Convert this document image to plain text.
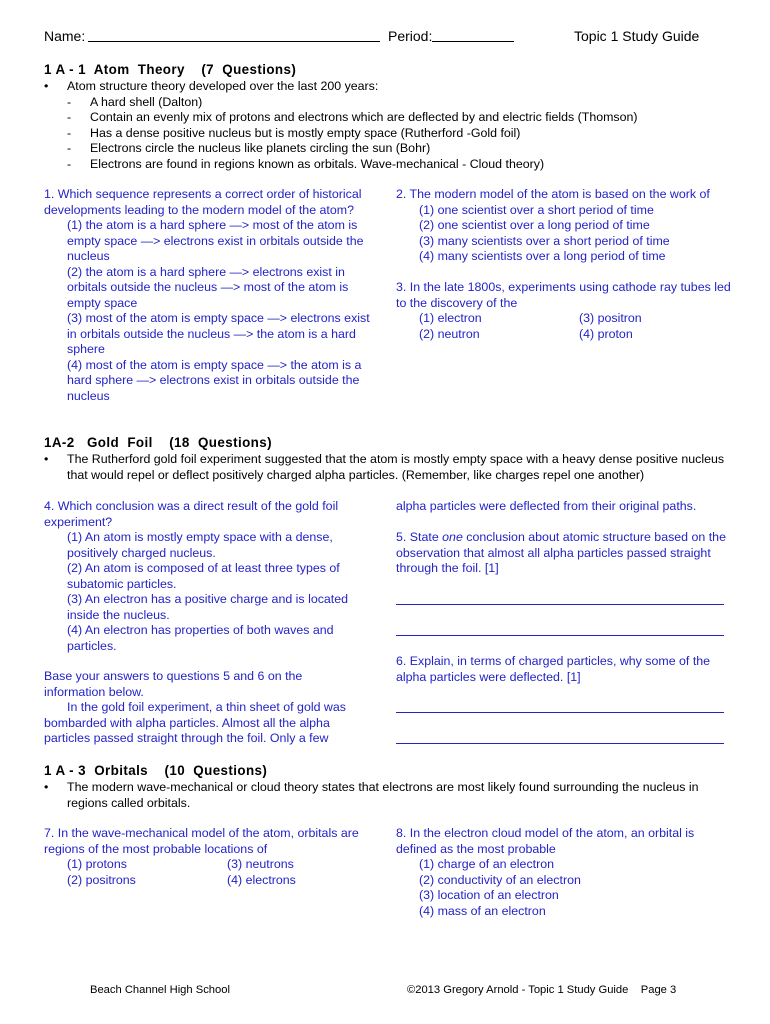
Name:	Period:	Topic 1 Study Guide
1 A - 1  Atom  Theory    (7  Questions)
• Atom structure theory developed over the last 200 years:
- A hard shell (Dalton)
- Contain an evenly mix of protons and electrons which are deflected by and electric fields (Thomson)
- Has a dense positive nucleus but is mostly empty space (Rutherford -Gold foil)
- Electrons circle the nucleus like planets circling the sun (Bohr)
- Electrons are found in regions known as orbitals. Wave-mechanical - Cloud theory)

1. Which sequence represents a correct order of historical developments leading to the modern model of the atom?

(1) the atom is a hard sphere —> most of the atom is empty space —> electrons exist in orbitals outside the nucleus

(2) the atom is a hard sphere —> electrons exist in orbitals outside the nucleus —> most of the atom is empty space

(3) most of the atom is empty space —> electrons exist in orbitals outside the nucleus —> the atom is a hard sphere

(4) most of the atom is empty space —> the atom is a hard sphere —> electrons exist in orbitals outside the nucleus

2. The modern model of the atom is based on the work of

(1) one scientist over a short period of time

(2) one scientist over a long period of time

(3) many scientists over a short period of time

(4) many scientists over a long period of time

3. In the late 1800s, experiments using cathode ray tubes led to the discovery of the

(1) electron	(3) positron
(2) neutron	(4) proton
1A-2   Gold  Foil    (18  Questions)
• The Rutherford gold foil experiment suggested that the atom is mostly empty space with a heavy dense positive nucleus that would repel or deflect positively charged alpha particles. (Remember, like charges repel one another)

4. Which conclusion was a direct result of the gold foil experiment?

(1) An atom is mostly empty space with a dense, positively charged nucleus.

(2) An atom is composed of at least three types of subatomic particles.

(3) An electron has a positive charge and is located inside the nucleus.

(4) An electron has properties of both waves and particles.

Base your answers to questions 5 and 6 on the information below.

In the gold foil experiment, a thin sheet of gold was bombarded with alpha particles. Almost all the alpha particles passed straight through the foil. Only a few

alpha particles were deflected from their original paths.

5. State one conclusion about atomic structure based on the observation that almost all alpha particles passed straight through the foil. [1]

6. Explain, in terms of charged particles, why some of the alpha particles were deflected. [1]

1 A - 3  Orbitals    (10  Questions)
• The modern wave-mechanical or cloud theory states that electrons are most likely found surrounding the nucleus in regions called orbitals.

7. In the wave-mechanical model of the atom, orbitals are regions of the most probable locations of

(1) protons	(3) neutrons
(2) positrons	(4) electrons

8. In the electron cloud model of the atom, an orbital is defined as the most probable

(1) charge of an electron

(2) conductivity of an electron

(3) location of an electron

(4) mass of an electron

Beach Channel High School	©2013 Gregory Arnold - Topic 1 Study Guide    Page 3
